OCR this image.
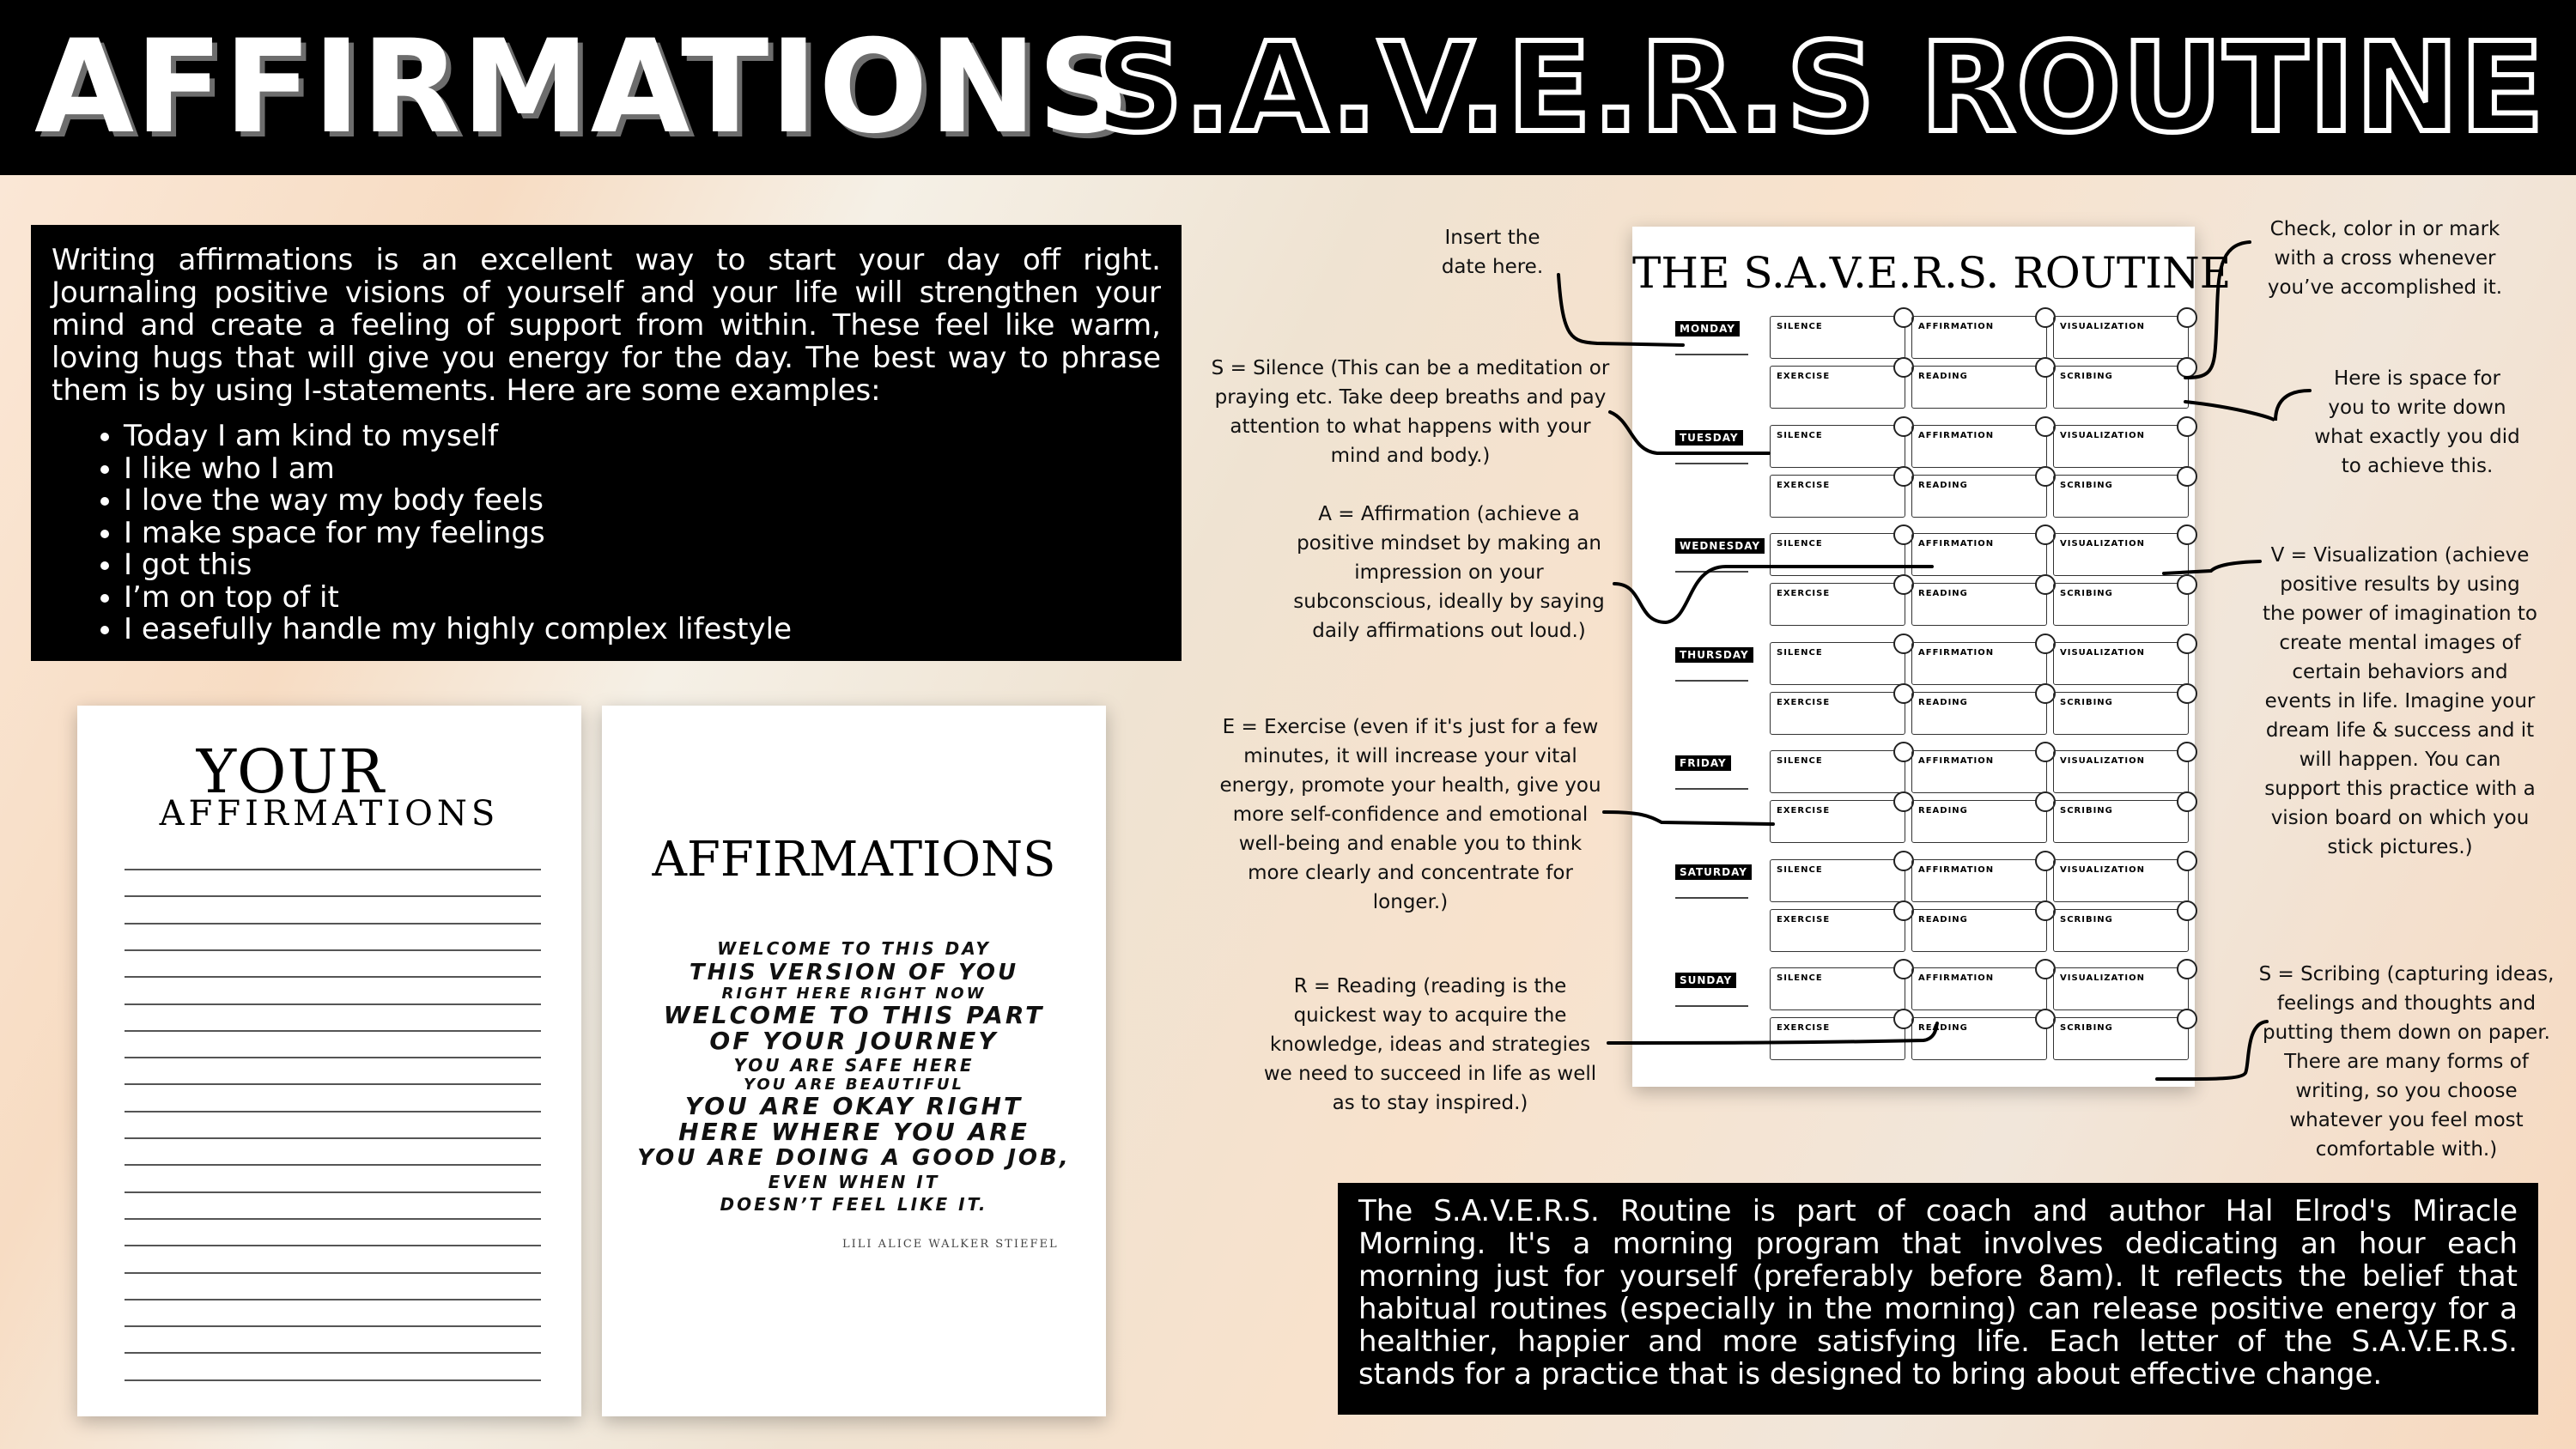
AFFIRMATIONS
S.A.V.E.R.S ROUTINE

Writing affirmations is an excellent way to start your day off right. Journaling positive visions of yourself and your life will strengthen your mind and create a feeling of support from within. These feel like warm, loving hugs that will give you energy for the day. The best way to phrase them is by using I-statements. Here are some examples:

• Today I am kind to myself
• I like who I am
• I love the way my body feels
• I make space for my feelings
• I got this
• I’m on top of it
• I easefully handle my highly complex lifestyle
YOUR
AFFIRMATIONS
AFFIRMATIONS
WELCOME TO THIS DAY
THIS VERSION OF YOU
RIGHT HERE RIGHT NOW
WELCOME TO THIS PART
OF YOUR JOURNEY
YOU ARE SAFE HERE
YOU ARE BEAUTIFUL
YOU ARE OKAY RIGHT
HERE WHERE YOU ARE
YOU ARE DOING A GOOD JOB,
EVEN WHEN IT
DOESN’T FEEL LIKE IT.
LILI ALICE WALKER STIEFEL
THE S.A.V.E.R.S. ROUTINE
MONDAY	SILENCE	AFFIRMATION	VISUALIZATION
EXERCISE	READING	SCRIBING
TUESDAY	SILENCE	AFFIRMATION	VISUALIZATION
EXERCISE	READING	SCRIBING
WEDNESDAY	SILENCE	AFFIRMATION	VISUALIZATION
EXERCISE	READING	SCRIBING
THURSDAY	SILENCE	AFFIRMATION	VISUALIZATION
EXERCISE	READING	SCRIBING
FRIDAY	SILENCE	AFFIRMATION	VISUALIZATION
EXERCISE	READING	SCRIBING
SATURDAY	SILENCE	AFFIRMATION	VISUALIZATION
EXERCISE	READING	SCRIBING
SUNDAY	SILENCE	AFFIRMATION	VISUALIZATION
EXERCISE	READING	SCRIBING
Insert the date here.
S = Silence (This can be a meditation or praying etc. Take deep breaths and pay attention to what happens with your mind and body.)
A = Affirmation (achieve a positive mindset by making an impression on your subconscious, ideally by saying daily affirmations out loud.)
E = Exercise (even if it's just for a few minutes, it will increase your vital energy, promote your health, give you more self-confidence and emotional well-being and enable you to think more clearly and concentrate for longer.)
R = Reading (reading is the quickest way to acquire the knowledge, ideas and strategies we need to succeed in life as well as to stay inspired.)
Check, color in or mark with a cross whenever you’ve accomplished it.
Here is space for you to write down what exactly you did to achieve this.
V = Visualization (achieve positive results by using the power of imagination to create mental images of certain behaviors and events in life. Imagine your dream life & success and it will happen. You can support this practice with a vision board on which you stick pictures.)
S = Scribing (capturing ideas, feelings and thoughts and putting them down on paper. There are many forms of writing, so you choose whatever you feel most comfortable with.)

The S.A.V.E.R.S. Routine is part of coach and author Hal Elrod's Miracle Morning. It's a morning program that involves dedicating an hour each morning just for yourself (preferably before 8am). It reflects the belief that habitual routines (especially in the morning) can release positive energy for a healthier, happier and more satisfying life. Each letter of the S.A.V.E.R.S. stands for a practice that is designed to bring about effective change.
